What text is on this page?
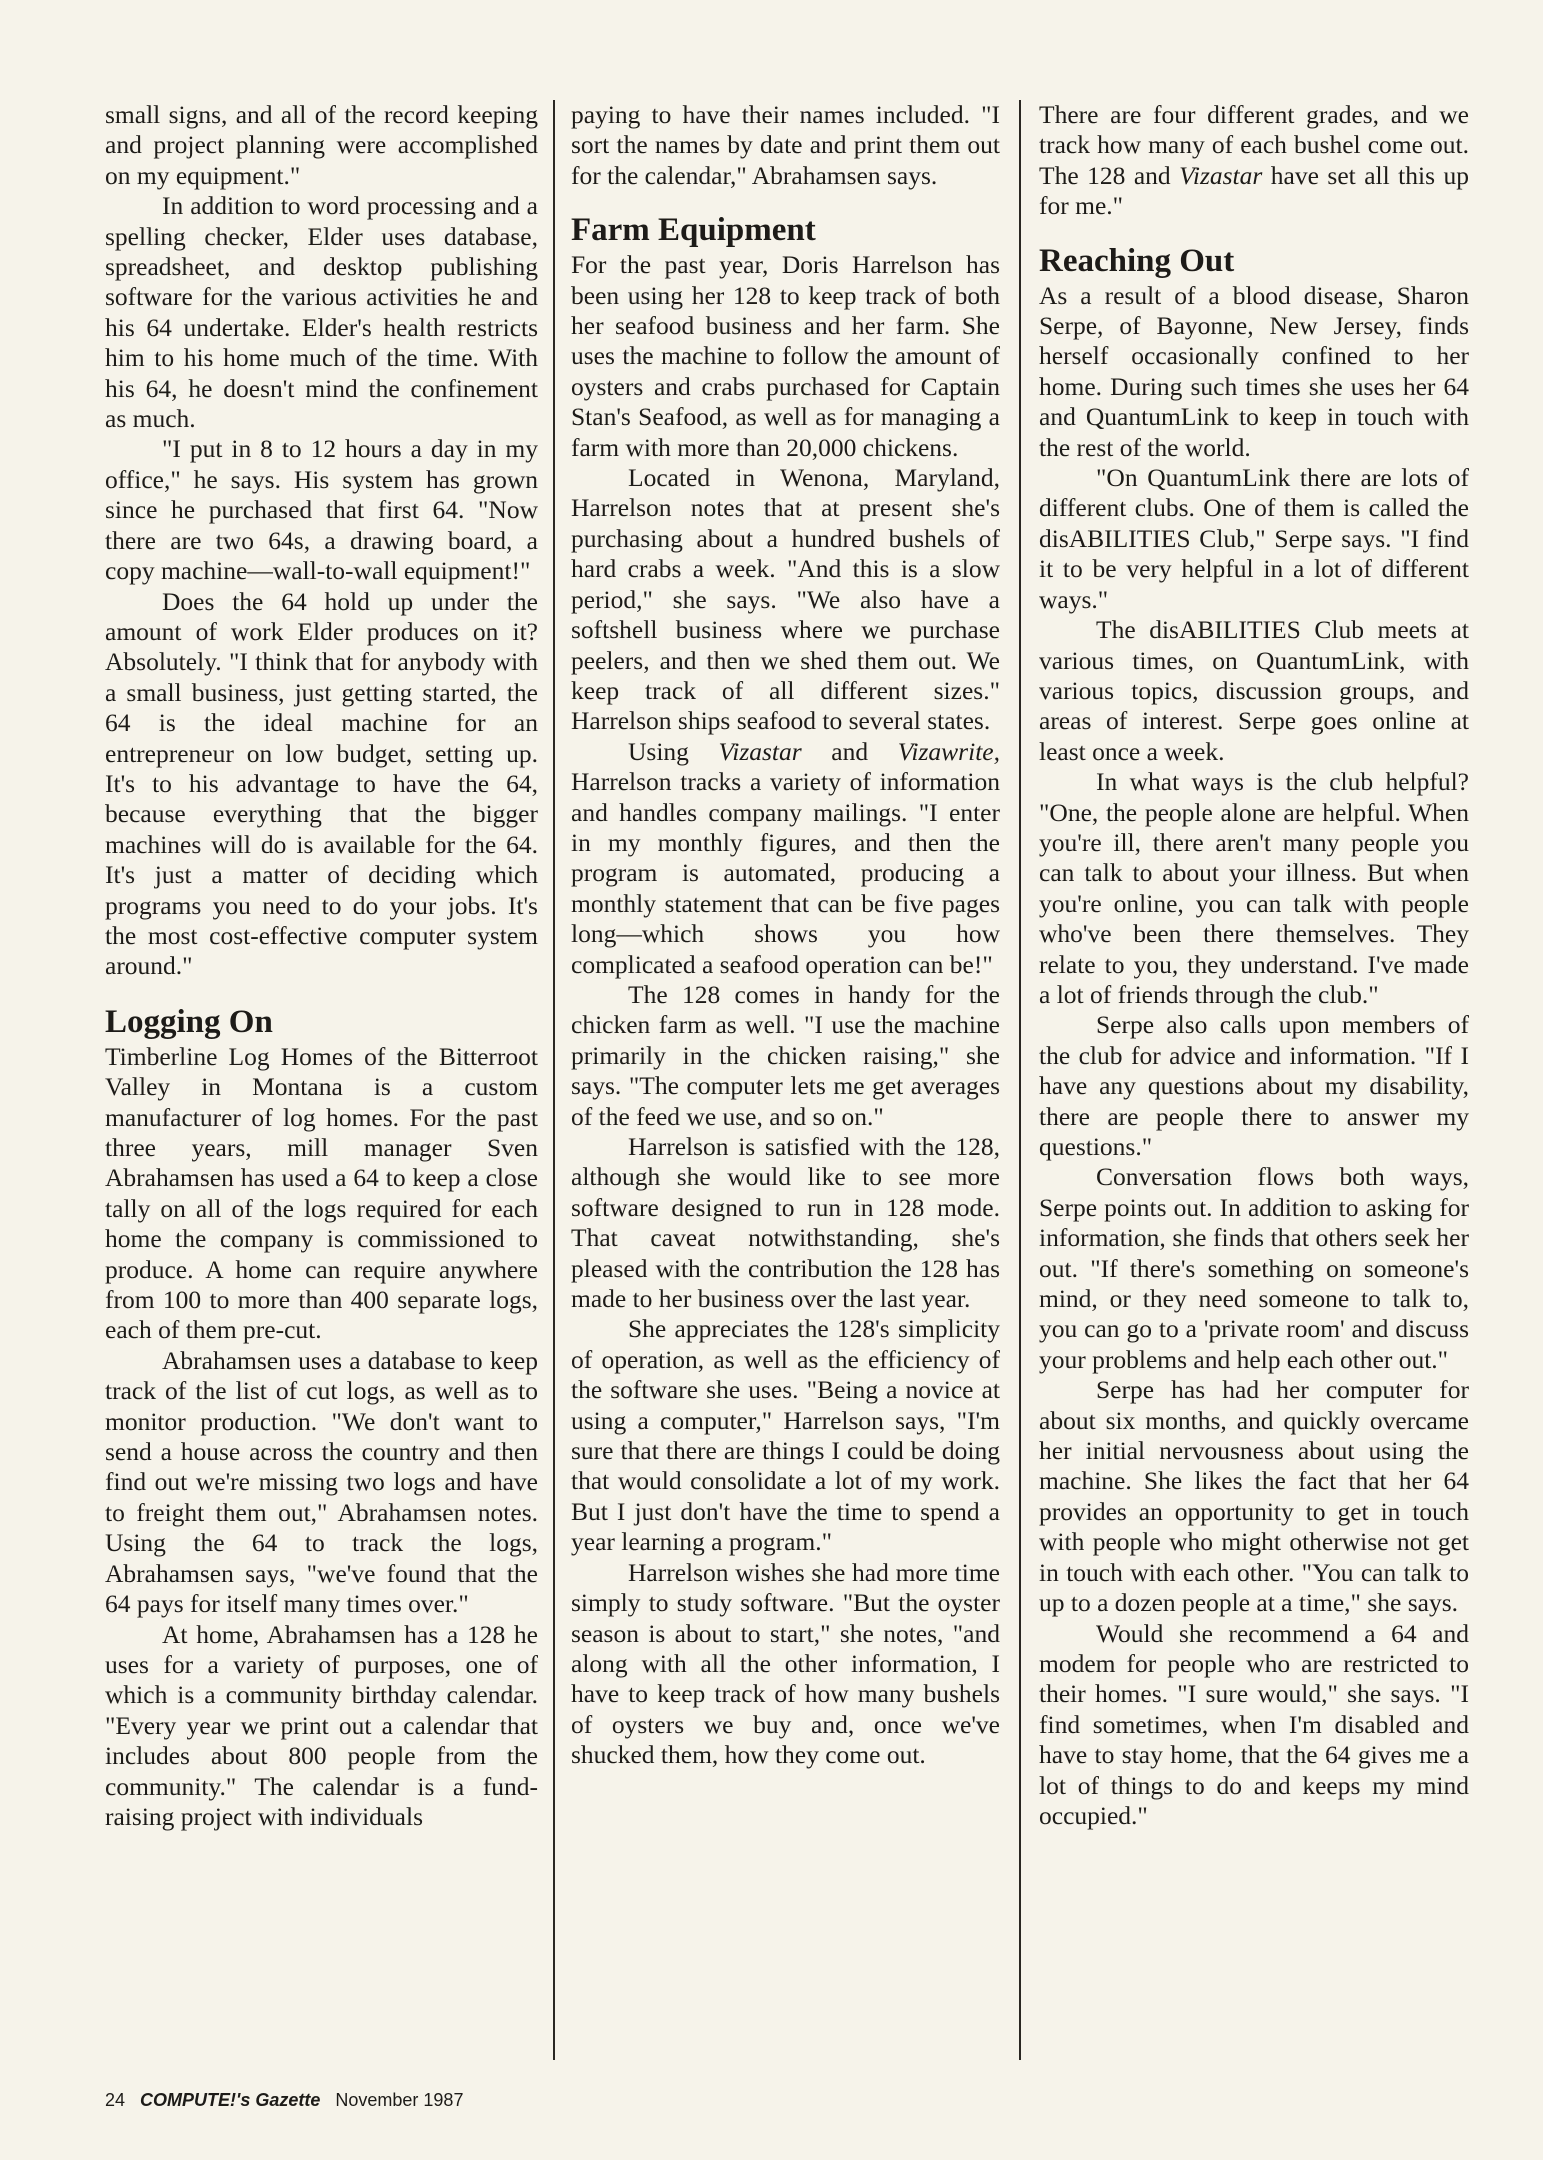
small signs, and all of the record keeping and project planning were accomplished on my equipment."

In addition to word processing and a spelling checker, Elder uses database, spreadsheet, and desktop publishing software for the various activities he and his 64 undertake. Elder's health restricts him to his home much of the time. With his 64, he doesn't mind the confinement as much.

"I put in 8 to 12 hours a day in my office," he says. His system has grown since he purchased that first 64. "Now there are two 64s, a drawing board, a copy machine—wall-to-wall equipment!"

Does the 64 hold up under the amount of work Elder produces on it? Absolutely. "I think that for anybody with a small business, just getting started, the 64 is the ideal machine for an entrepreneur on low budget, setting up. It's to his advantage to have the 64, because everything that the bigger machines will do is available for the 64. It's just a matter of deciding which programs you need to do your jobs. It's the most cost-effective computer system around."

Logging On

Timberline Log Homes of the Bitterroot Valley in Montana is a custom manufacturer of log homes. For the past three years, mill manager Sven Abrahamsen has used a 64 to keep a close tally on all of the logs required for each home the company is commissioned to produce. A home can require anywhere from 100 to more than 400 separate logs, each of them pre-cut.

Abrahamsen uses a database to keep track of the list of cut logs, as well as to monitor production. "We don't want to send a house across the country and then find out we're missing two logs and have to freight them out," Abrahamsen notes. Using the 64 to track the logs, Abrahamsen says, "we've found that the 64 pays for itself many times over."

At home, Abrahamsen has a 128 he uses for a variety of purposes, one of which is a community birthday calendar. "Every year we print out a calendar that includes about 800 people from the community." The calendar is a fund-raising project with individuals

paying to have their names included. "I sort the names by date and print them out for the calendar," Abrahamsen says.

Farm Equipment

For the past year, Doris Harrelson has been using her 128 to keep track of both her seafood business and her farm. She uses the machine to follow the amount of oysters and crabs purchased for Captain Stan's Seafood, as well as for managing a farm with more than 20,000 chickens.

Located in Wenona, Maryland, Harrelson notes that at present she's purchasing about a hundred bushels of hard crabs a week. "And this is a slow period," she says. "We also have a softshell business where we purchase peelers, and then we shed them out. We keep track of all different sizes." Harrelson ships seafood to several states.

Using Vizastar and Vizawrite, Harrelson tracks a variety of information and handles company mailings. "I enter in my monthly figures, and then the program is automated, producing a monthly statement that can be five pages long—which shows you how complicated a seafood operation can be!"

The 128 comes in handy for the chicken farm as well. "I use the machine primarily in the chicken raising," she says. "The computer lets me get averages of the feed we use, and so on."

Harrelson is satisfied with the 128, although she would like to see more software designed to run in 128 mode. That caveat notwithstanding, she's pleased with the contribution the 128 has made to her business over the last year.

She appreciates the 128's simplicity of operation, as well as the efficiency of the software she uses. "Being a novice at using a computer," Harrelson says, "I'm sure that there are things I could be doing that would consolidate a lot of my work. But I just don't have the time to spend a year learning a program."

Harrelson wishes she had more time simply to study software. "But the oyster season is about to start," she notes, "and along with all the other information, I have to keep track of how many bushels of oysters we buy and, once we've shucked them, how they come out.

There are four different grades, and we track how many of each bushel come out. The 128 and Vizastar have set all this up for me."

Reaching Out

As a result of a blood disease, Sharon Serpe, of Bayonne, New Jersey, finds herself occasionally confined to her home. During such times she uses her 64 and QuantumLink to keep in touch with the rest of the world.

"On QuantumLink there are lots of different clubs. One of them is called the disABILITIES Club," Serpe says. "I find it to be very helpful in a lot of different ways."

The disABILITIES Club meets at various times, on QuantumLink, with various topics, discussion groups, and areas of interest. Serpe goes online at least once a week.

In what ways is the club helpful? "One, the people alone are helpful. When you're ill, there aren't many people you can talk to about your illness. But when you're online, you can talk with people who've been there themselves. They relate to you, they understand. I've made a lot of friends through the club."

Serpe also calls upon members of the club for advice and information. "If I have any questions about my disability, there are people there to answer my questions."

Conversation flows both ways, Serpe points out. In addition to asking for information, she finds that others seek her out. "If there's something on someone's mind, or they need someone to talk to, you can go to a 'private room' and discuss your problems and help each other out."

Serpe has had her computer for about six months, and quickly overcame her initial nervousness about using the machine. She likes the fact that her 64 provides an opportunity to get in touch with people who might otherwise not get in touch with each other. "You can talk to up to a dozen people at a time," she says.

Would she recommend a 64 and modem for people who are restricted to their homes. "I sure would," she says. "I find sometimes, when I'm disabled and have to stay home, that the 64 gives me a lot of things to do and keeps my mind occupied."

24 COMPUTE!'s Gazette November 1987
